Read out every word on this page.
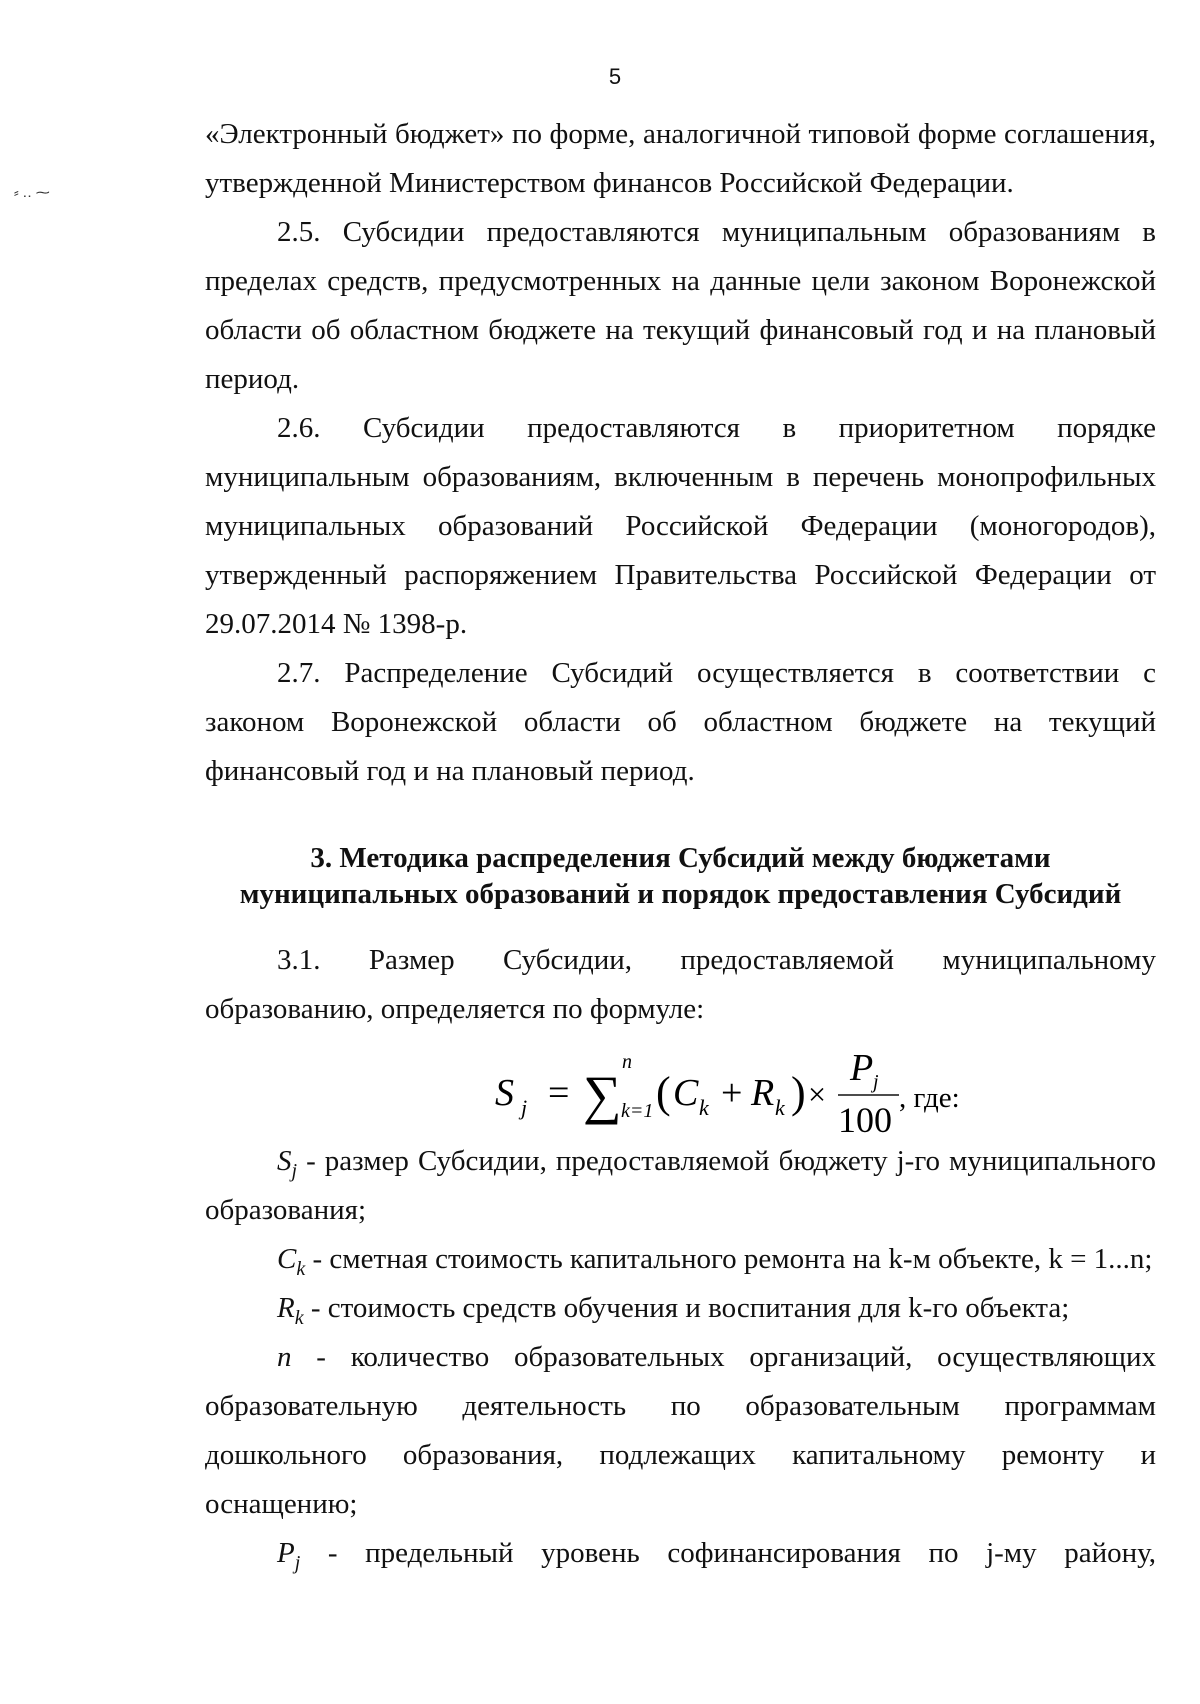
5
⸗ ‥ ⁓
«Электронный бюджет» по форме, аналогичной типовой форме соглашения,
утвержденной Министерством финансов Российской Федерации.
2.5. Субсидии предоставляются муниципальным образованиям в пределах средств, предусмотренных на данные цели законом Воронежской области об областном бюджете на текущий финансовый год и на плановый период.
2.6. Субсидии предоставляются в приоритетном порядке муниципальным образованиям, включенным в перечень монопрофильных муниципальных образований Российской Федерации (моногородов), утвержденный распоряжением Правительства Российской Федерации от 29.07.2014 № 1398-р.
2.7. Распределение Субсидий осуществляется в соответствии с законом Воронежской области об областном бюджете на текущий финансовый год и на плановый период.
3. Методика распределения Субсидий между бюджетами
муниципальных образований и порядок предоставления Субсидий
3.1. Размер Субсидии, предоставляемой муниципальному образованию, определяется по формуле:
S j = ∑
n
k=1 ( C k + R k ) ×
P j
100
, где:
$S_j$ - размер Субсидии, предоставляемой бюджету j-го муниципального образования;
$C_k$ - сметная стоимость капитального ремонта на k-м объекте, k = 1...n;
$R_k$ - стоимость средств обучения и воспитания для k-го объекта;
n - количество образовательных организаций, осуществляющих образовательную деятельность по образовательным программам дошкольного образования, подлежащих капитальному ремонту и оснащению;
$P_j$ - предельный уровень софинансирования по j-му району,
